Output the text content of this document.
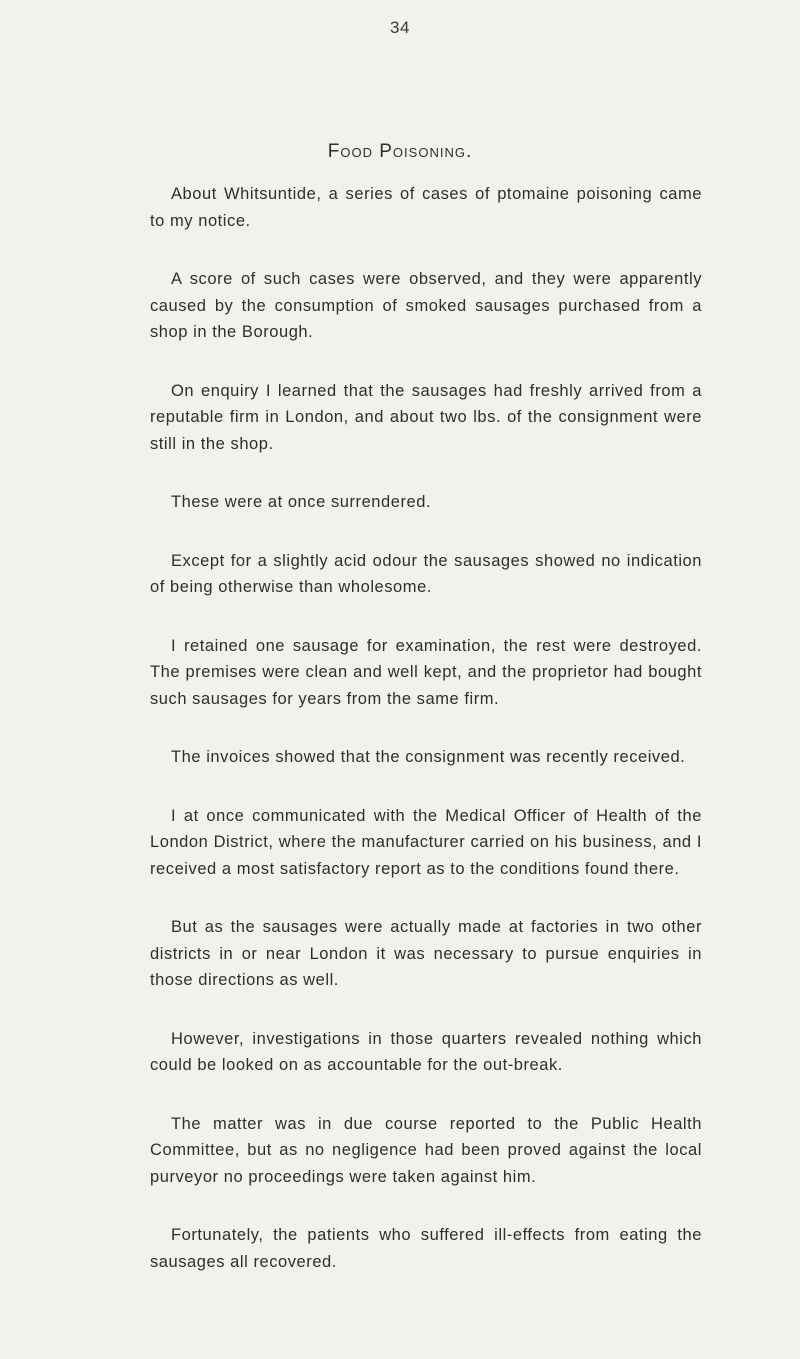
34
Food Poisoning.

About Whitsuntide, a series of cases of ptomaine poisoning came to my notice.

A score of such cases were observed, and they were apparently caused by the consumption of smoked sausages purchased from a shop in the Borough.

On enquiry I learned that the sausages had freshly arrived from a reputable firm in London, and about two lbs. of the consignment were still in the shop.

These were at once surrendered.

Except for a slightly acid odour the sausages showed no indication of being otherwise than wholesome.

I retained one sausage for examination, the rest were destroyed. The premises were clean and well kept, and the proprietor had bought such sausages for years from the same firm.

The invoices showed that the consignment was recently received.

I at once communicated with the Medical Officer of Health of the London District, where the manufacturer carried on his business, and I received a most satisfactory report as to the conditions found there.

But as the sausages were actually made at factories in two other districts in or near London it was necessary to pursue enquiries in those directions as well.

However, investigations in those quarters revealed nothing which could be looked on as accountable for the out-break.

The matter was in due course reported to the Public Health Committee, but as no negligence had been proved against the local purveyor no proceedings were taken against him.

Fortunately, the patients who suffered ill-effects from eating the sausages all recovered.
